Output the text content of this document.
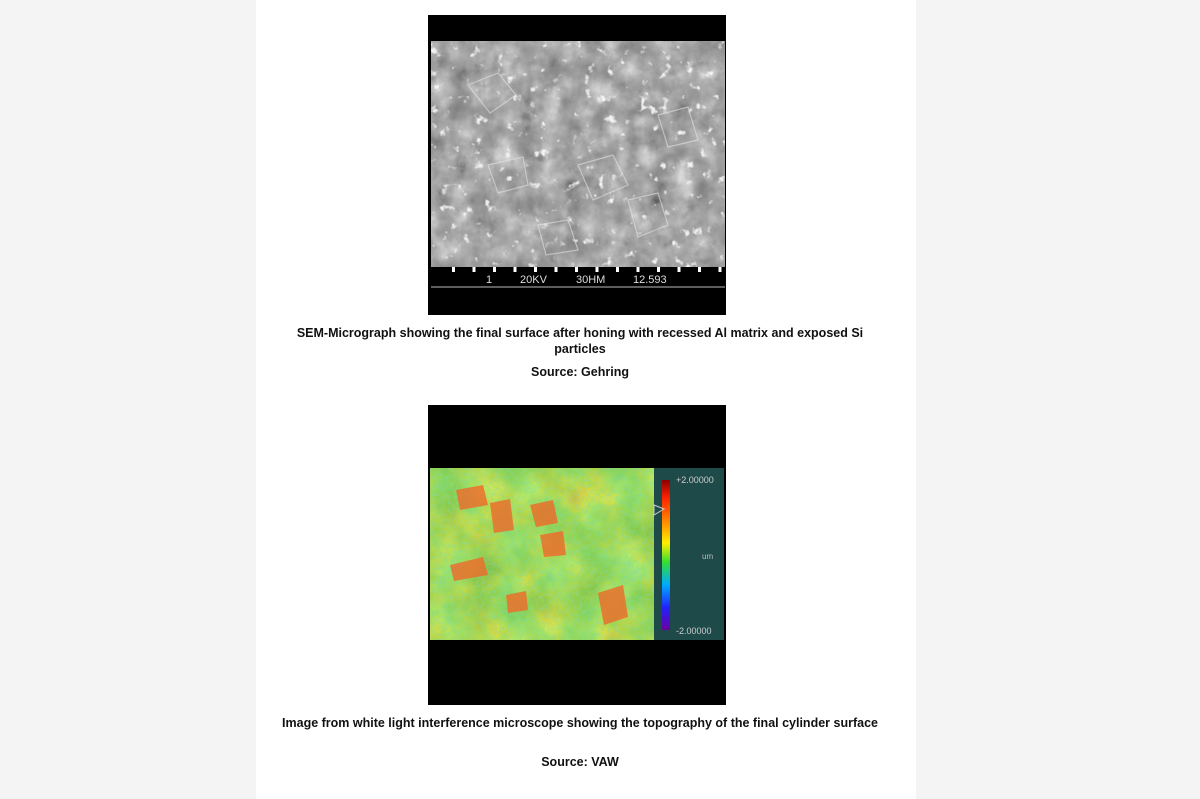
1	20KV	30HM	12.593
SEM-Micrograph showing the final surface after honing with recessed Al matrix and exposed Si particles
Source: Gehring
+2.00000
um
-2.00000
Image from white light interference microscope showing the topography of the final cylinder surface
Source: VAW
